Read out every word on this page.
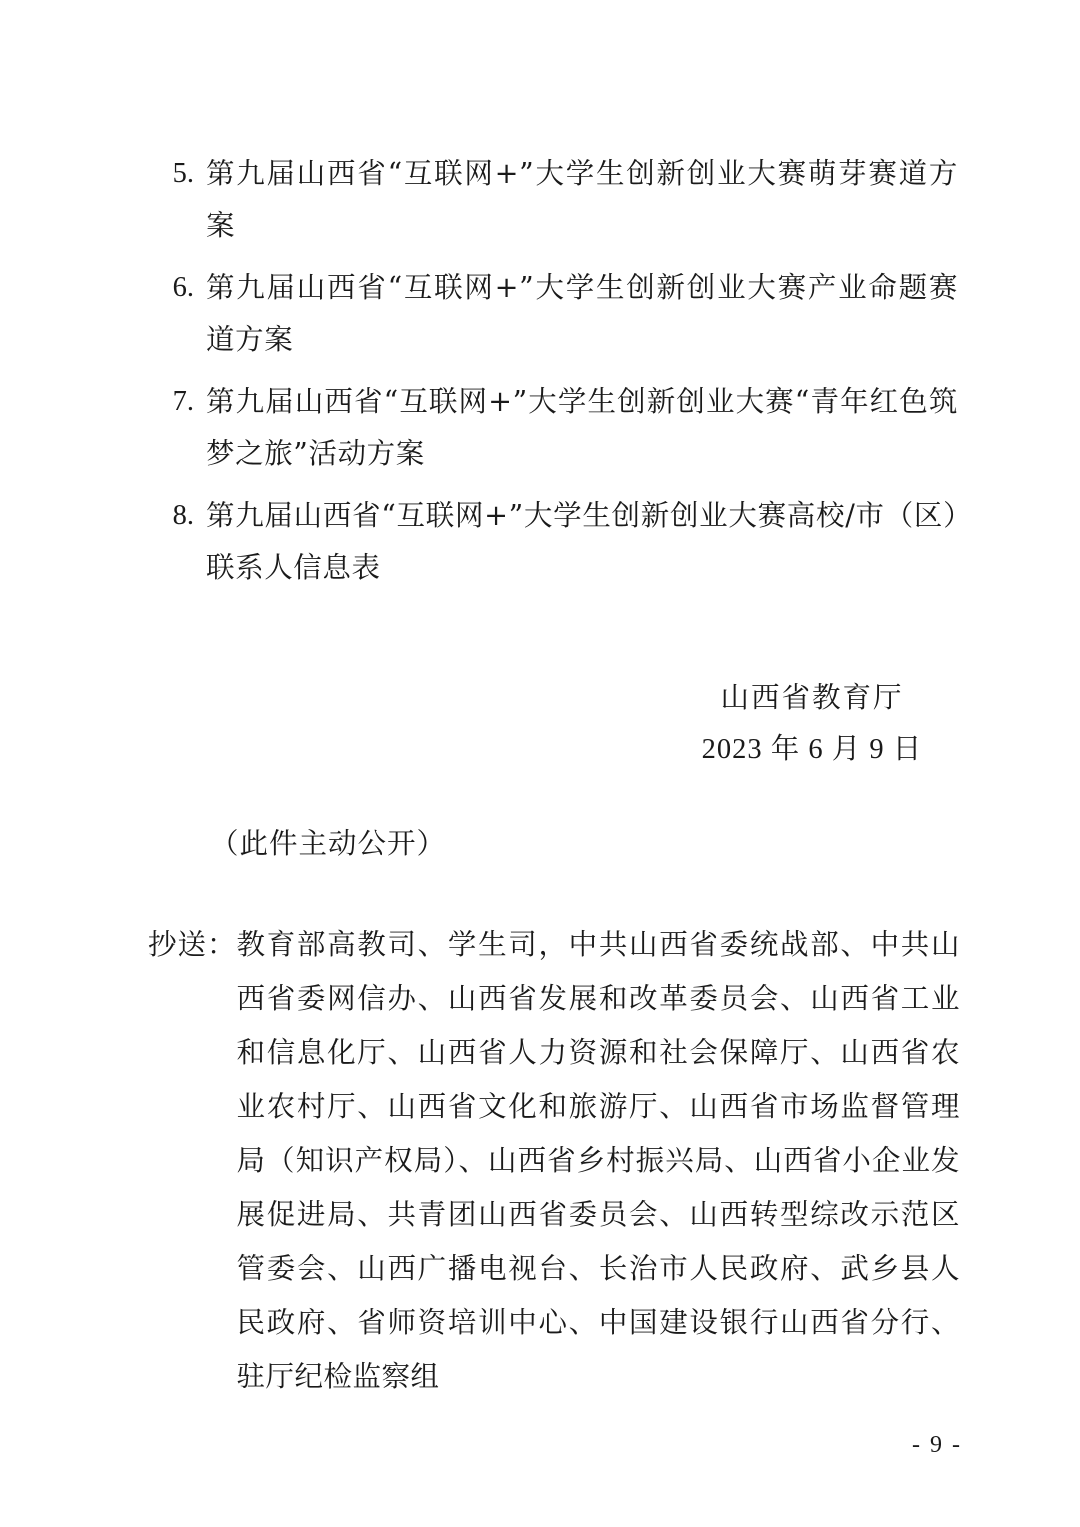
5. 第九届山西省“互联网+”大学生创新创业大赛萌芽赛道方案
6. 第九届山西省“互联网+”大学生创新创业大赛产业命题赛道方案
7. 第九届山西省“互联网+”大学生创新创业大赛“青年红色筑梦之旅”活动方案
8. 第九届山西省“互联网+”大学生创新创业大赛高校/市（区）联系人信息表
山西省教育厅
2023 年 6 月 9 日
（此件主动公开）
抄送： 教育部高教司、学生司，中共山西省委统战部、中共山西省委网信办、山西省发展和改革委员会、山西省工业和信息化厅、山西省人力资源和社会保障厅、山西省农业农村厅、山西省文化和旅游厅、山西省市场监督管理局（知识产权局）、山西省乡村振兴局、山西省小企业发展促进局、共青团山西省委员会、山西转型综改示范区管委会、山西广播电视台、长治市人民政府、武乡县人民政府、省师资培训中心、中国建设银行山西省分行、驻厅纪检监察组
- 9 -
